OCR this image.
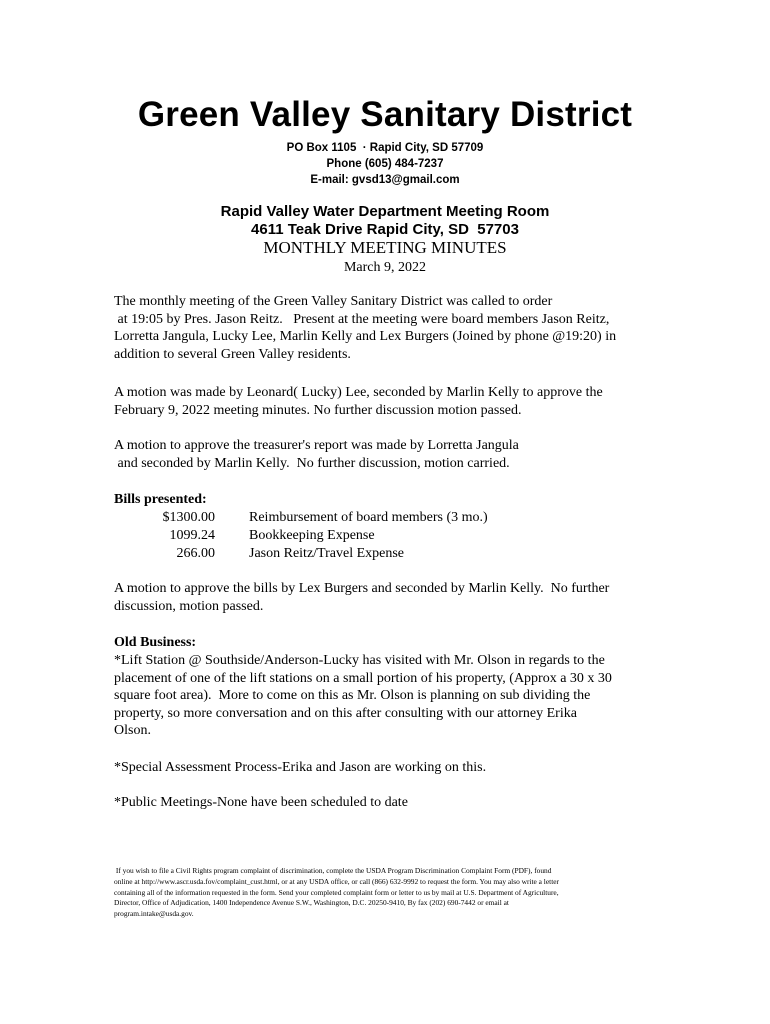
Green Valley Sanitary District
PO Box 1105  · Rapid City, SD 57709
Phone (605) 484-7237
E-mail: gvsd13@gmail.com
Rapid Valley Water Department Meeting Room
4611 Teak Drive Rapid City, SD  57703
MONTHLY MEETING MINUTES
March 9, 2022
The monthly meeting of the Green Valley Sanitary District was called to order
at 19:05 by Pres. Jason Reitz.   Present at the meeting were board members Jason Reitz,
Lorretta Jangula, Lucky Lee, Marlin Kelly and Lex Burgers (Joined by phone @19:20) in
addition to several Green Valley residents.
A motion was made by Leonard( Lucky) Lee, seconded by Marlin Kelly to approve the
February 9, 2022 meeting minutes. No further discussion motion passed.
A motion to approve the treasurer's report was made by Lorretta Jangula
and seconded by Marlin Kelly.  No further discussion, motion carried.
Bills presented:
$1300.00 Reimbursement of board members (3 mo.)
1099.24 Bookkeeping Expense
266.00 Jason Reitz/Travel Expense
A motion to approve the bills by Lex Burgers and seconded by Marlin Kelly.  No further
discussion, motion passed.
Old Business:
*Lift Station @ Southside/Anderson-Lucky has visited with Mr. Olson in regards to the
placement of one of the lift stations on a small portion of his property, (Approx a 30 x 30
square foot area).  More to come on this as Mr. Olson is planning on sub dividing the
property, so more conversation and on this after consulting with our attorney Erika
Olson.
*Special Assessment Process-Erika and Jason are working on this.
*Public Meetings-None have been scheduled to date
If you wish to file a Civil Rights program complaint of discrimination, complete the USDA Program Discrimination Complaint Form (PDF), found
online at http://www.ascr.usda.fov/complaint_cust.html, or at any USDA office, or call (866) 632-9992 to request the form. You may also write a letter
containing all of the information requested in the form. Send your completed complaint form or letter to us by mail at U.S. Department of Agriculture,
Director, Office of Adjudication, 1400 Independence Avenue S.W., Washington, D.C. 20250-9410, By fax (202) 690-7442 or email at
program.intake@usda.gov.
